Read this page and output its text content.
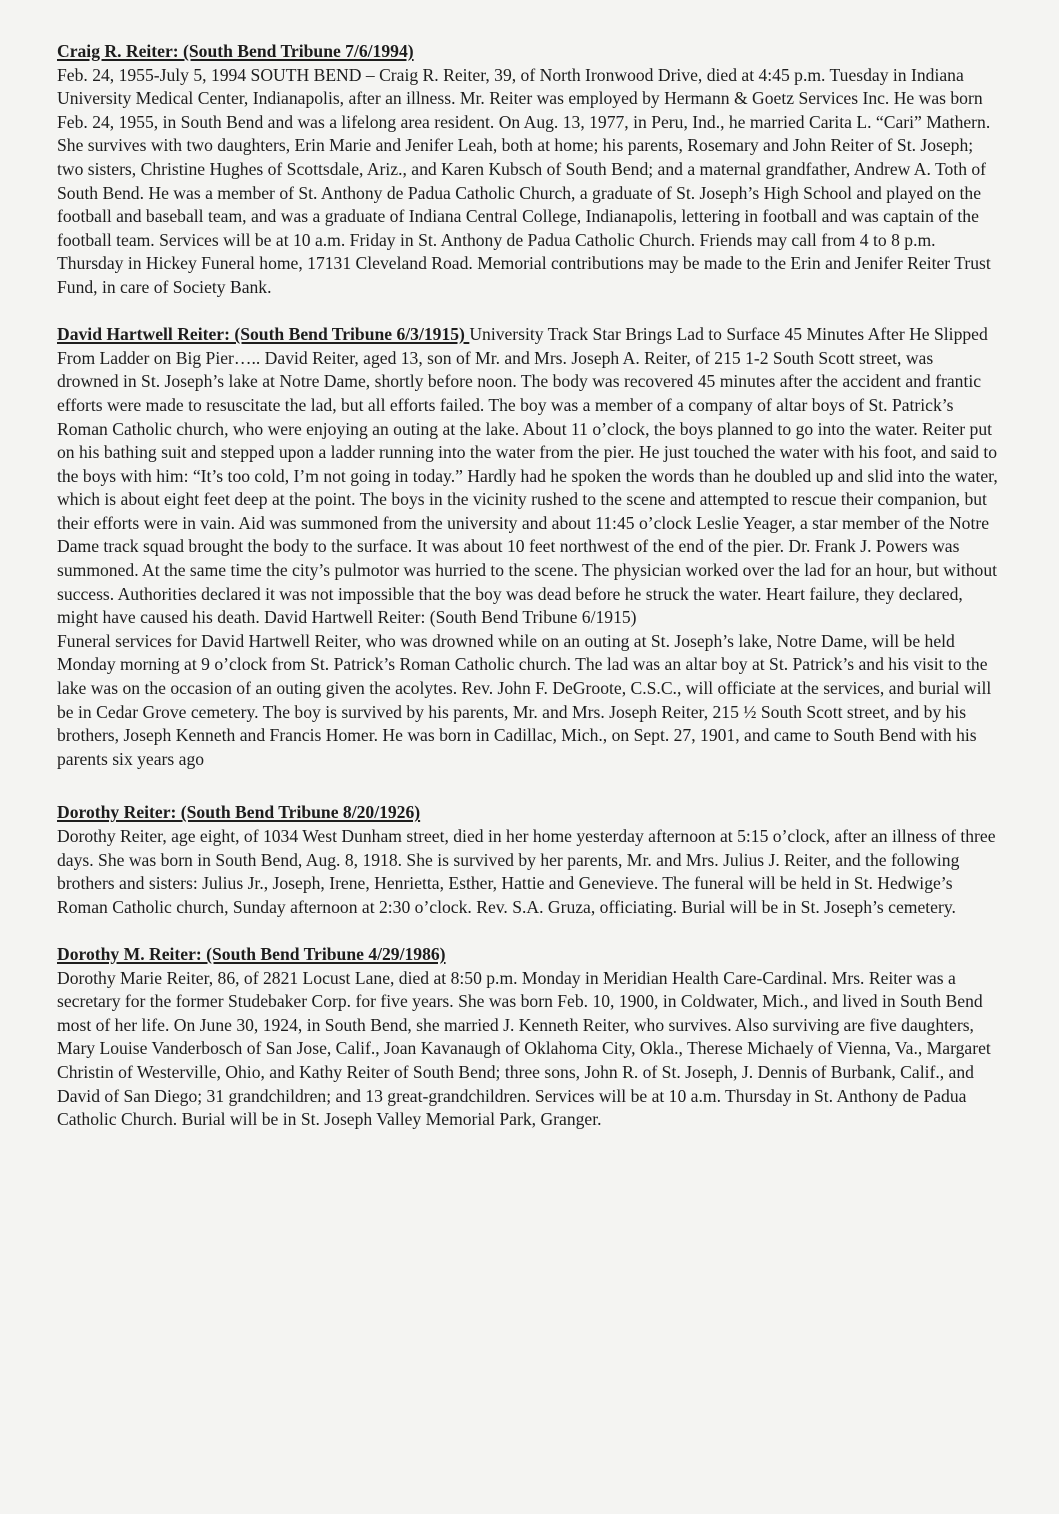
Craig R. Reiter: (South Bend Tribune 7/6/1994)

Feb. 24, 1955-July 5, 1994 SOUTH BEND – Craig R. Reiter, 39, of North Ironwood Drive, died at 4:45 p.m. Tuesday in Indiana University Medical Center, Indianapolis, after an illness. Mr. Reiter was employed by Hermann & Goetz Services Inc. He was born Feb. 24, 1955, in South Bend and was a lifelong area resident. On Aug. 13, 1977, in Peru, Ind., he married Carita L. “Cari” Mathern. She survives with two daughters, Erin Marie and Jenifer Leah, both at home; his parents, Rosemary and John Reiter of St. Joseph; two sisters, Christine Hughes of Scottsdale, Ariz., and Karen Kubsch of South Bend; and a maternal grandfather, Andrew A. Toth of South Bend. He was a member of St. Anthony de Padua Catholic Church, a graduate of St. Joseph’s High School and played on the football and baseball team, and was a graduate of Indiana Central College, Indianapolis, lettering in football and was captain of the football team. Services will be at 10 a.m. Friday in St. Anthony de Padua Catholic Church. Friends may call from 4 to 8 p.m. Thursday in Hickey Funeral home, 17131 Cleveland Road. Memorial contributions may be made to the Erin and Jenifer Reiter Trust Fund, in care of Society Bank.

David Hartwell Reiter: (South Bend Tribune 6/3/1915) University Track Star Brings Lad to Surface 45 Minutes After He Slipped From Ladder on Big Pier….. David Reiter, aged 13, son of Mr. and Mrs. Joseph A. Reiter, of 215 1-2 South Scott street, was drowned in St. Joseph’s lake at Notre Dame, shortly before noon. The body was recovered 45 minutes after the accident and frantic efforts were made to resuscitate the lad, but all efforts failed. The boy was a member of a company of altar boys of St. Patrick’s Roman Catholic church, who were enjoying an outing at the lake. About 11 o’clock, the boys planned to go into the water. Reiter put on his bathing suit and stepped upon a ladder running into the water from the pier. He just touched the water with his foot, and said to the boys with him: “It’s too cold, I’m not going in today.” Hardly had he spoken the words than he doubled up and slid into the water, which is about eight feet deep at the point. The boys in the vicinity rushed to the scene and attempted to rescue their companion, but their efforts were in vain. Aid was summoned from the university and about 11:45 o’clock Leslie Yeager, a star member of the Notre Dame track squad brought the body to the surface. It was about 10 feet northwest of the end of the pier. Dr. Frank J. Powers was summoned. At the same time the city’s pulmotor was hurried to the scene. The physician worked over the lad for an hour, but without success. Authorities declared it was not impossible that the boy was dead before he struck the water. Heart failure, they declared, might have caused his death. David Hartwell Reiter: (South Bend Tribune 6/1915)

Funeral services for David Hartwell Reiter, who was drowned while on an outing at St. Joseph’s lake, Notre Dame, will be held Monday morning at 9 o’clock from St. Patrick’s Roman Catholic church. The lad was an altar boy at St. Patrick’s and his visit to the lake was on the occasion of an outing given the acolytes. Rev. John F. DeGroote, C.S.C., will officiate at the services, and burial will be in Cedar Grove cemetery. The boy is survived by his parents, Mr. and Mrs. Joseph Reiter, 215 ½ South Scott street, and by his brothers, Joseph Kenneth and Francis Homer. He was born in Cadillac, Mich., on Sept. 27, 1901, and came to South Bend with his parents six years ago

Dorothy Reiter: (South Bend Tribune 8/20/1926)

Dorothy Reiter, age eight, of 1034 West Dunham street, died in her home yesterday afternoon at 5:15 o’clock, after an illness of three days. She was born in South Bend, Aug. 8, 1918. She is survived by her parents, Mr. and Mrs. Julius J. Reiter, and the following brothers and sisters: Julius Jr., Joseph, Irene, Henrietta, Esther, Hattie and Genevieve. The funeral will be held in St. Hedwige’s Roman Catholic church, Sunday afternoon at 2:30 o’clock. Rev. S.A. Gruza, officiating. Burial will be in St. Joseph’s cemetery.

Dorothy M. Reiter: (South Bend Tribune 4/29/1986)

Dorothy Marie Reiter, 86, of 2821 Locust Lane, died at 8:50 p.m. Monday in Meridian Health Care-Cardinal. Mrs. Reiter was a secretary for the former Studebaker Corp. for five years. She was born Feb. 10, 1900, in Coldwater, Mich., and lived in South Bend most of her life. On June 30, 1924, in South Bend, she married J. Kenneth Reiter, who survives. Also surviving are five daughters, Mary Louise Vanderbosch of San Jose, Calif., Joan Kavanaugh of Oklahoma City, Okla., Therese Michaely of Vienna, Va., Margaret Christin of Westerville, Ohio, and Kathy Reiter of South Bend; three sons, John R. of St. Joseph, J. Dennis of Burbank, Calif., and David of San Diego; 31 grandchildren; and 13 great-grandchildren. Services will be at 10 a.m. Thursday in St. Anthony de Padua Catholic Church. Burial will be in St. Joseph Valley Memorial Park, Granger.
